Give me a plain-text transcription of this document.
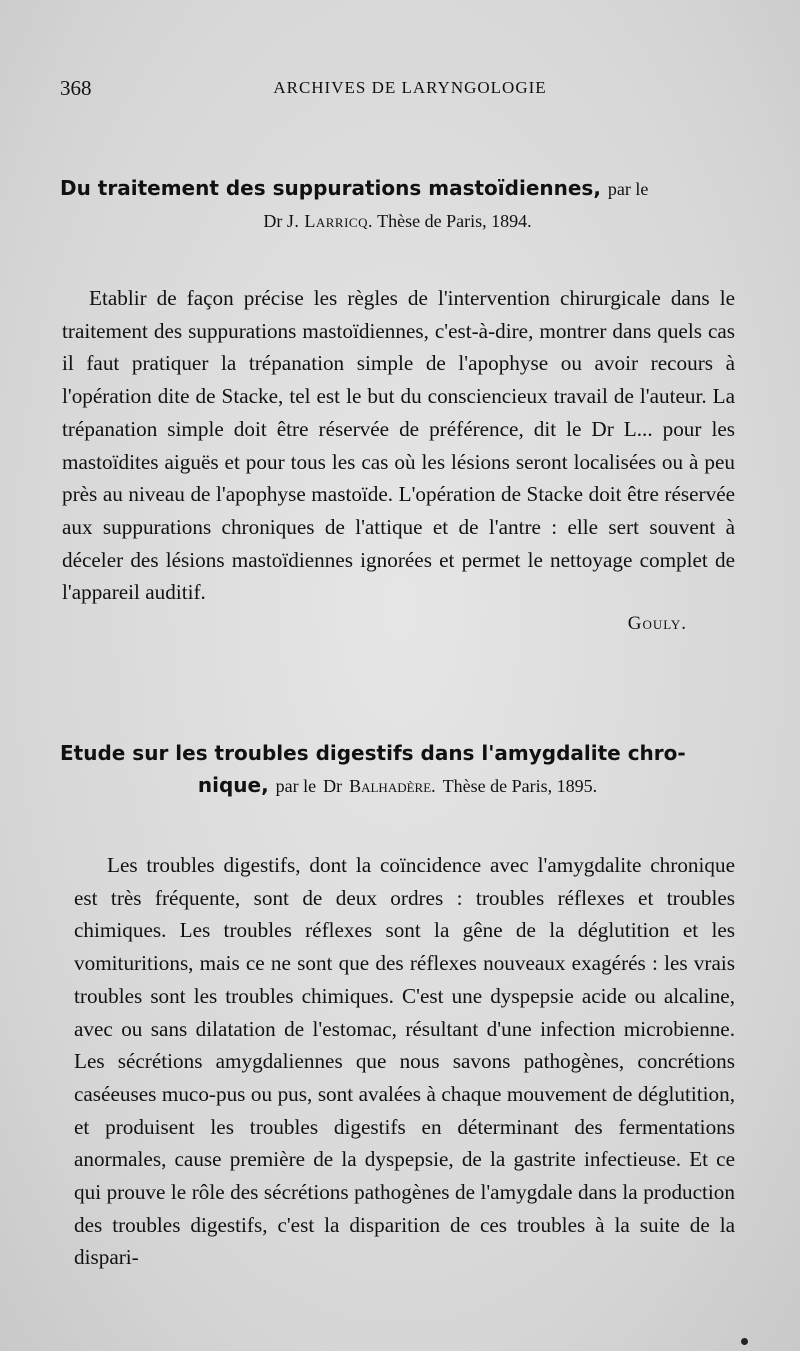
368	ARCHIVES DE LARYNGOLOGIE
Du traitement des suppurations mastoïdiennes, par le
Dr J. Larricq. Thèse de Paris, 1894.

Etablir de façon précise les règles de l'intervention chirurgicale dans le traitement des suppurations mastoïdiennes, c'est-à-dire, montrer dans quels cas il faut pratiquer la trépanation simple de l'apophyse ou avoir recours à l'opération dite de Stacke, tel est le but du consciencieux travail de l'auteur. La trépanation simple doit être réservée de préférence, dit le Dr L... pour les mastoïdites aiguës et pour tous les cas où les lésions seront localisées ou à peu près au niveau de l'apophyse mastoïde. L'opération de Stacke doit être réservée aux suppurations chroniques de l'attique et de l'antre : elle sert souvent à déceler des lésions mastoïdiennes ignorées et permet le nettoyage complet de l'appareil auditif.

Gouly.
Etude sur les troubles digestifs dans l'amygdalite chro-
nique, par le Dr Balhadère. Thèse de Paris, 1895.

Les troubles digestifs, dont la coïncidence avec l'amygdalite chronique est très fréquente, sont de deux ordres : troubles réflexes et troubles chimiques. Les troubles réflexes sont la gêne de la déglutition et les vomituritions, mais ce ne sont que des réflexes nouveaux exagérés : les vrais troubles sont les troubles chimiques. C'est une dyspepsie acide ou alcaline, avec ou sans dilatation de l'estomac, résultant d'une infection microbienne. Les sécrétions amygdaliennes que nous savons pathogènes, concrétions caséeuses muco-pus ou pus, sont avalées à chaque mouvement de déglutition, et produisent les troubles digestifs en déterminant des fermentations anormales, cause première de la dyspepsie, de la gastrite infectieuse. Et ce qui prouve le rôle des sécrétions pathogènes de l'amygdale dans la production des troubles digestifs, c'est la disparition de ces troubles à la suite de la dispari-
